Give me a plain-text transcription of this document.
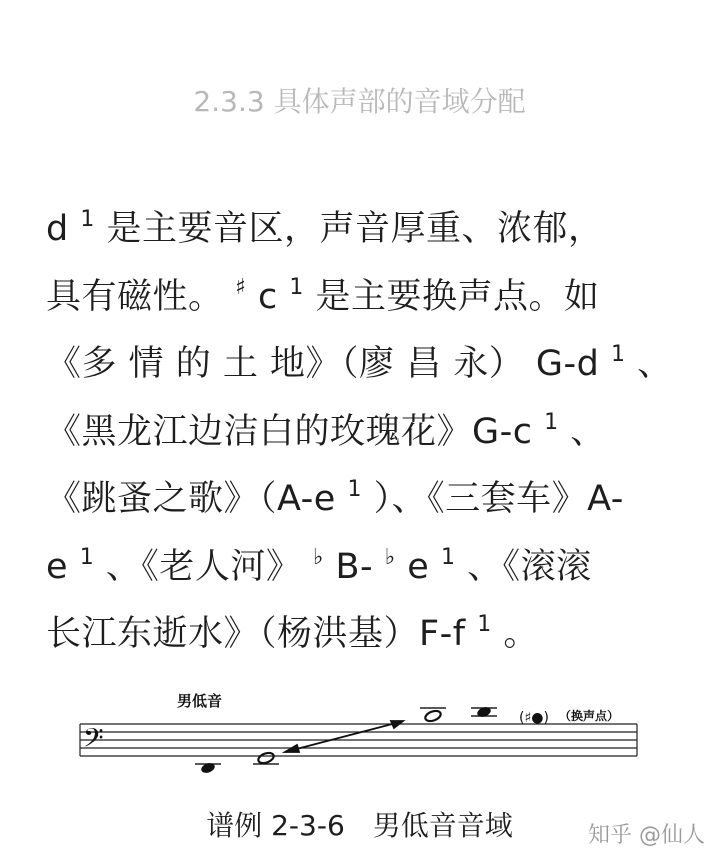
2.3.3 具体声部的音域分配
d $^1$ 是主要音区，声音厚重、浓郁，
具有磁性。 ♯ c $^1$ 是主要换声点。如
《多 情 的 土 地》（廖 昌 永） G-d $^1$ 、
《黑龙江边洁白的玫瑰花》G-c $^1$ 、
《跳蚤之歌》（A-e $^1$ ）、《三套车》A-
e $^1$ 、《老人河》 ♭ B- ♭ e $^1$ 、《滚滚
长江东逝水》（杨洪基）F-f $^1$ 。
男低音
𝄢
(♯●) （换声点）
谱例 2-3-6　男低音音域	知乎 @仙人
